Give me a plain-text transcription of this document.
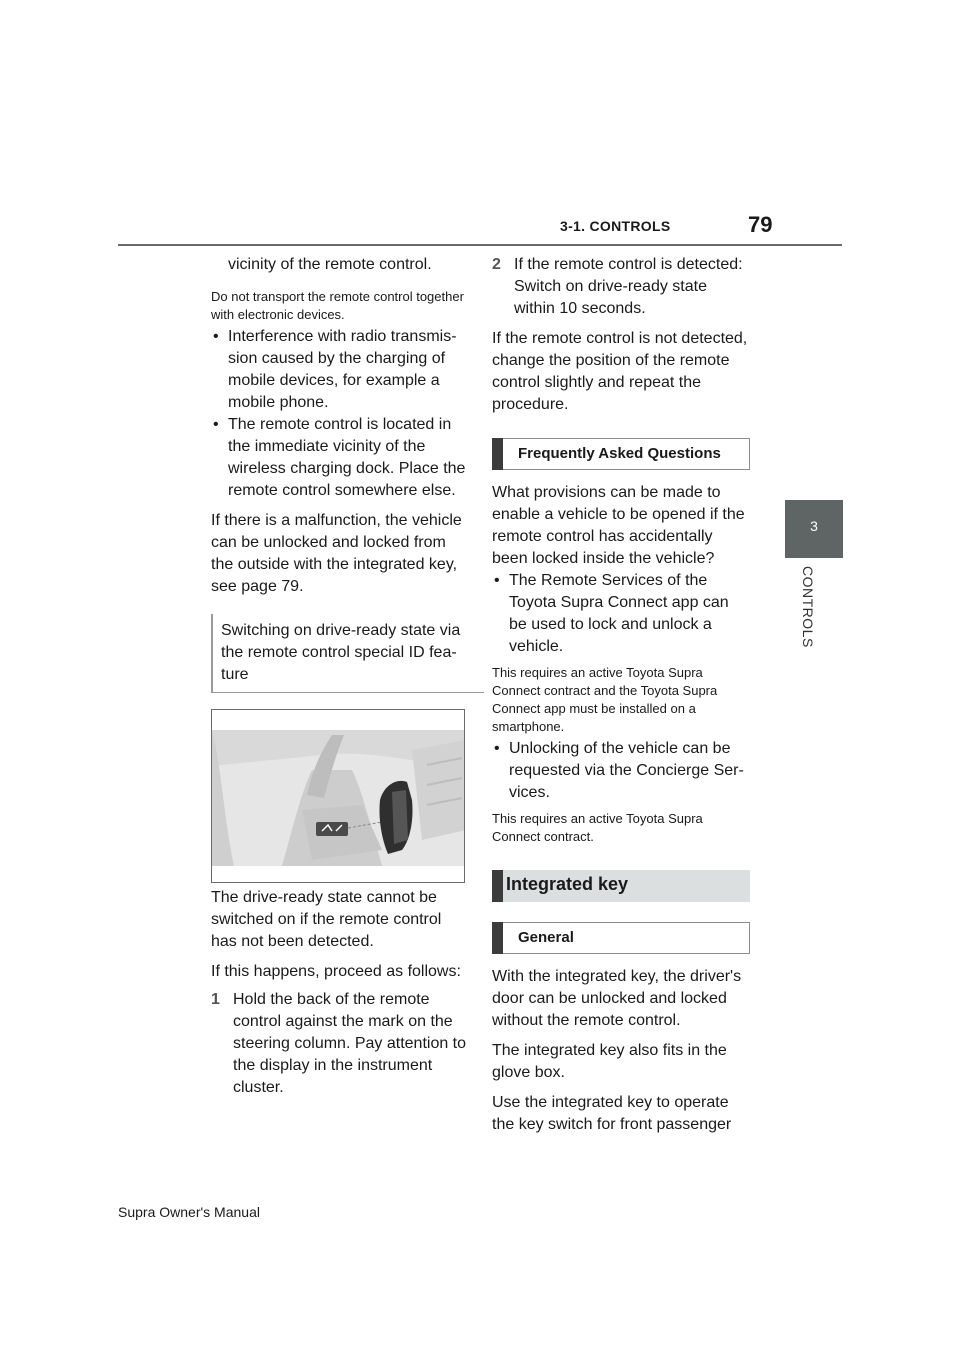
3-1. CONTROLS	79
3
CONTROLS

vicinity of the remote control.

Do not transport the remote control together with electronic devices.

• Interference with radio transmis-sion caused by the charging of mobile devices, for example a mobile phone.

• The remote control is located in the immediate vicinity of the wireless charging dock. Place the remote control somewhere else.

If there is a malfunction, the vehicle can be unlocked and locked from the outside with the integrated key, see page 79.

Switching on drive-ready state via the remote control special ID fea-ture

The drive-ready state cannot be switched on if the remote control has not been detected.

If this happens, proceed as follows:

1 Hold the back of the remote control against the mark on the steering column. Pay attention to the display in the instrument cluster.

2 If the remote control is detected: Switch on drive-ready state within 10 seconds.

If the remote control is not detected, change the position of the remote control slightly and repeat the procedure.

Frequently Asked Questions

What provisions can be made to enable a vehicle to be opened if the remote control has accidentally been locked inside the vehicle?

• The Remote Services of the Toyota Supra Connect app can be used to lock and unlock a vehicle.

This requires an active Toyota Supra Connect contract and the Toyota Supra Connect app must be installed on a smartphone.

• Unlocking of the vehicle can be requested via the Concierge Ser-vices.

This requires an active Toyota Supra Connect contract.

Integrated key
General

With the integrated key, the driver's door can be unlocked and locked without the remote control.

The integrated key also fits in the glove box.

Use the integrated key to operate the key switch for front passenger

Supra Owner's Manual
